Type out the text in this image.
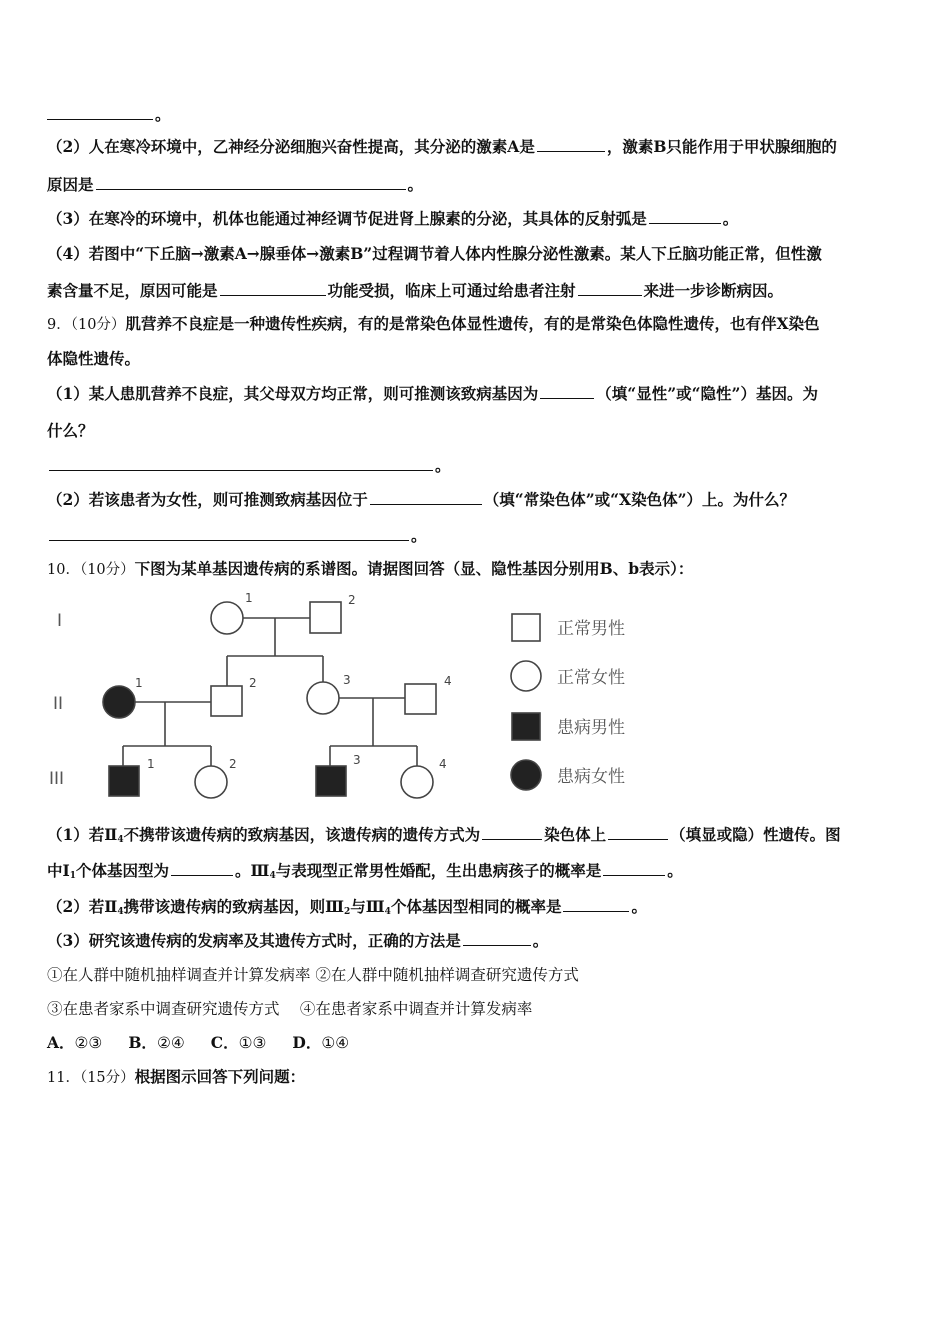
。
（2）人在寒冷环境中，乙神经分泌细胞兴奋性提高，其分泌的激素A是	，激素B只能作用于甲状腺细胞的
原因是	。
（3）在寒冷的环境中，机体也能通过神经调节促进肾上腺素的分泌，其具体的反射弧是	。
（4）若图中“下丘脑→激素A→腺垂体→激素B”过程调节着人体内性腺分泌性激素。某人下丘脑功能正常，但性激
素含量不足，原因可能是	功能受损，临床上可通过给患者注射	来进一步诊断病因。
9．（10分）肌营养不良症是一种遗传性疾病，有的是常染色体显性遗传，有的是常染色体隐性遗传，也有伴X染色
体隐性遗传。
（1）某人患肌营养不良症，其父母双方均正常，则可推测该致病基因为	（填“显性”或“隐性”）基因。为
什么？
。
（2）若该患者为女性，则可推测致病基因位于	（填“常染色体”或“X染色体”）上。为什么？
。
10．（10分）下图为某单基因遗传病的系谱图。请据图回答（显、隐性基因分别用B、b表示）：
I
II
III
1	2
1	2	3	4
1	2	3	4
正常男性
正常女性
患病男性
患病女性
（1）若$Ⅱ_4$不携带该遗传病的致病基因，该遗传病的遗传方式为	染色体上	（填显或隐）性遗传。图
中$Ⅰ_1$个体基因型为	。$Ⅲ_4$与表现型正常男性婚配，生出患病孩子的概率是	。
（2）若$Ⅱ_4$携带该遗传病的致病基因，则$Ⅲ_2$与$Ⅲ_4$个体基因型相同的概率是	。
（3）研究该遗传病的发病率及其遗传方式时，正确的方法是	。
①在人群中随机抽样调查并计算发病率 ②在人群中随机抽样调查研究遗传方式
③在患者家系中调查研究遗传方式　 ④在患者家系中调查并计算发病率
A．②③ B．②④ C．①③ D．①④
11．（15分）根据图示回答下列问题：
